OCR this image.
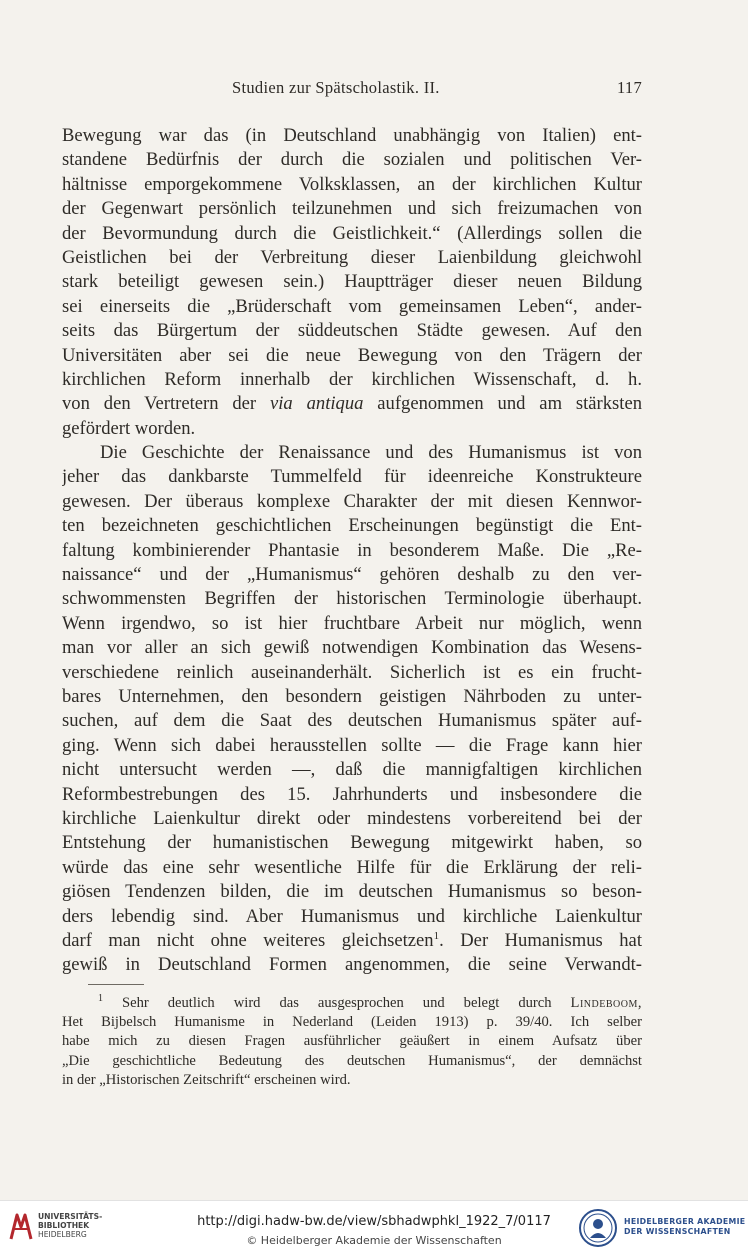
Studien zur Spätscholastik. II.	117
Bewegung war das (in Deutschland unabhängig von Italien) ent-
standene Bedürfnis der durch die sozialen und politischen Ver-
hältnisse emporgekommene Volksklassen, an der kirchlichen Kultur
der Gegenwart persönlich teilzunehmen und sich freizumachen von
der Bevormundung durch die Geistlichkeit.“ (Allerdings sollen die
Geistlichen bei der Verbreitung dieser Laienbildung gleichwohl
stark beteiligt gewesen sein.) Hauptträger dieser neuen Bildung
sei einerseits die „Brüderschaft vom gemeinsamen Leben“, ander-
seits das Bürgertum der süddeutschen Städte gewesen. Auf den
Universitäten aber sei die neue Bewegung von den Trägern der
kirchlichen Reform innerhalb der kirchlichen Wissenschaft, d. h.
von den Vertretern der via antiqua aufgenommen und am stärksten
gefördert worden.
Die Geschichte der Renaissance und des Humanismus ist von
jeher das dankbarste Tummelfeld für ideenreiche Konstrukteure
gewesen. Der überaus komplexe Charakter der mit diesen Kennwor-
ten bezeichneten geschichtlichen Erscheinungen begünstigt die Ent-
faltung kombinierender Phantasie in besonderem Maße. Die „Re-
naissance“ und der „Humanismus“ gehören deshalb zu den ver-
schwommensten Begriffen der historischen Terminologie überhaupt.
Wenn irgendwo, so ist hier fruchtbare Arbeit nur möglich, wenn
man vor aller an sich gewiß notwendigen Kombination das Wesens-
verschiedene reinlich auseinanderhält. Sicherlich ist es ein frucht-
bares Unternehmen, den besondern geistigen Nährboden zu unter-
suchen, auf dem die Saat des deutschen Humanismus später auf-
ging. Wenn sich dabei herausstellen sollte — die Frage kann hier
nicht untersucht werden —, daß die mannigfaltigen kirchlichen
Reformbestrebungen des 15. Jahrhunderts und insbesondere die
kirchliche Laienkultur direkt oder mindestens vorbereitend bei der
Entstehung der humanistischen Bewegung mitgewirkt haben, so
würde das eine sehr wesentliche Hilfe für die Erklärung der reli-
giösen Tendenzen bilden, die im deutschen Humanismus so beson-
ders lebendig sind. Aber Humanismus und kirchliche Laienkultur
darf man nicht ohne weiteres gleichsetzen$^1$. Der Humanismus hat
gewiß in Deutschland Formen angenommen, die seine Verwandt-
$^1$ Sehr deutlich wird das ausgesprochen und belegt durch Lindeboom,
Het Bijbelsch Humanisme in Nederland (Leiden 1913) p. 39/40. Ich selber
habe mich zu diesen Fragen ausführlicher geäußert in einem Aufsatz über
„Die geschichtliche Bedeutung des deutschen Humanismus“, der demnächst
in der „Historischen Zeitschrift“ erscheinen wird.
UNIVERSITÄTS-
BIBLIOTHEK
HEIDELBERG
http://digi.hadw-bw.de/view/sbhadwphkl_1922_7/0117
© Heidelberger Akademie der Wissenschaften
HEIDELBERGER AKADEMIE
DER WISSENSCHAFTEN
